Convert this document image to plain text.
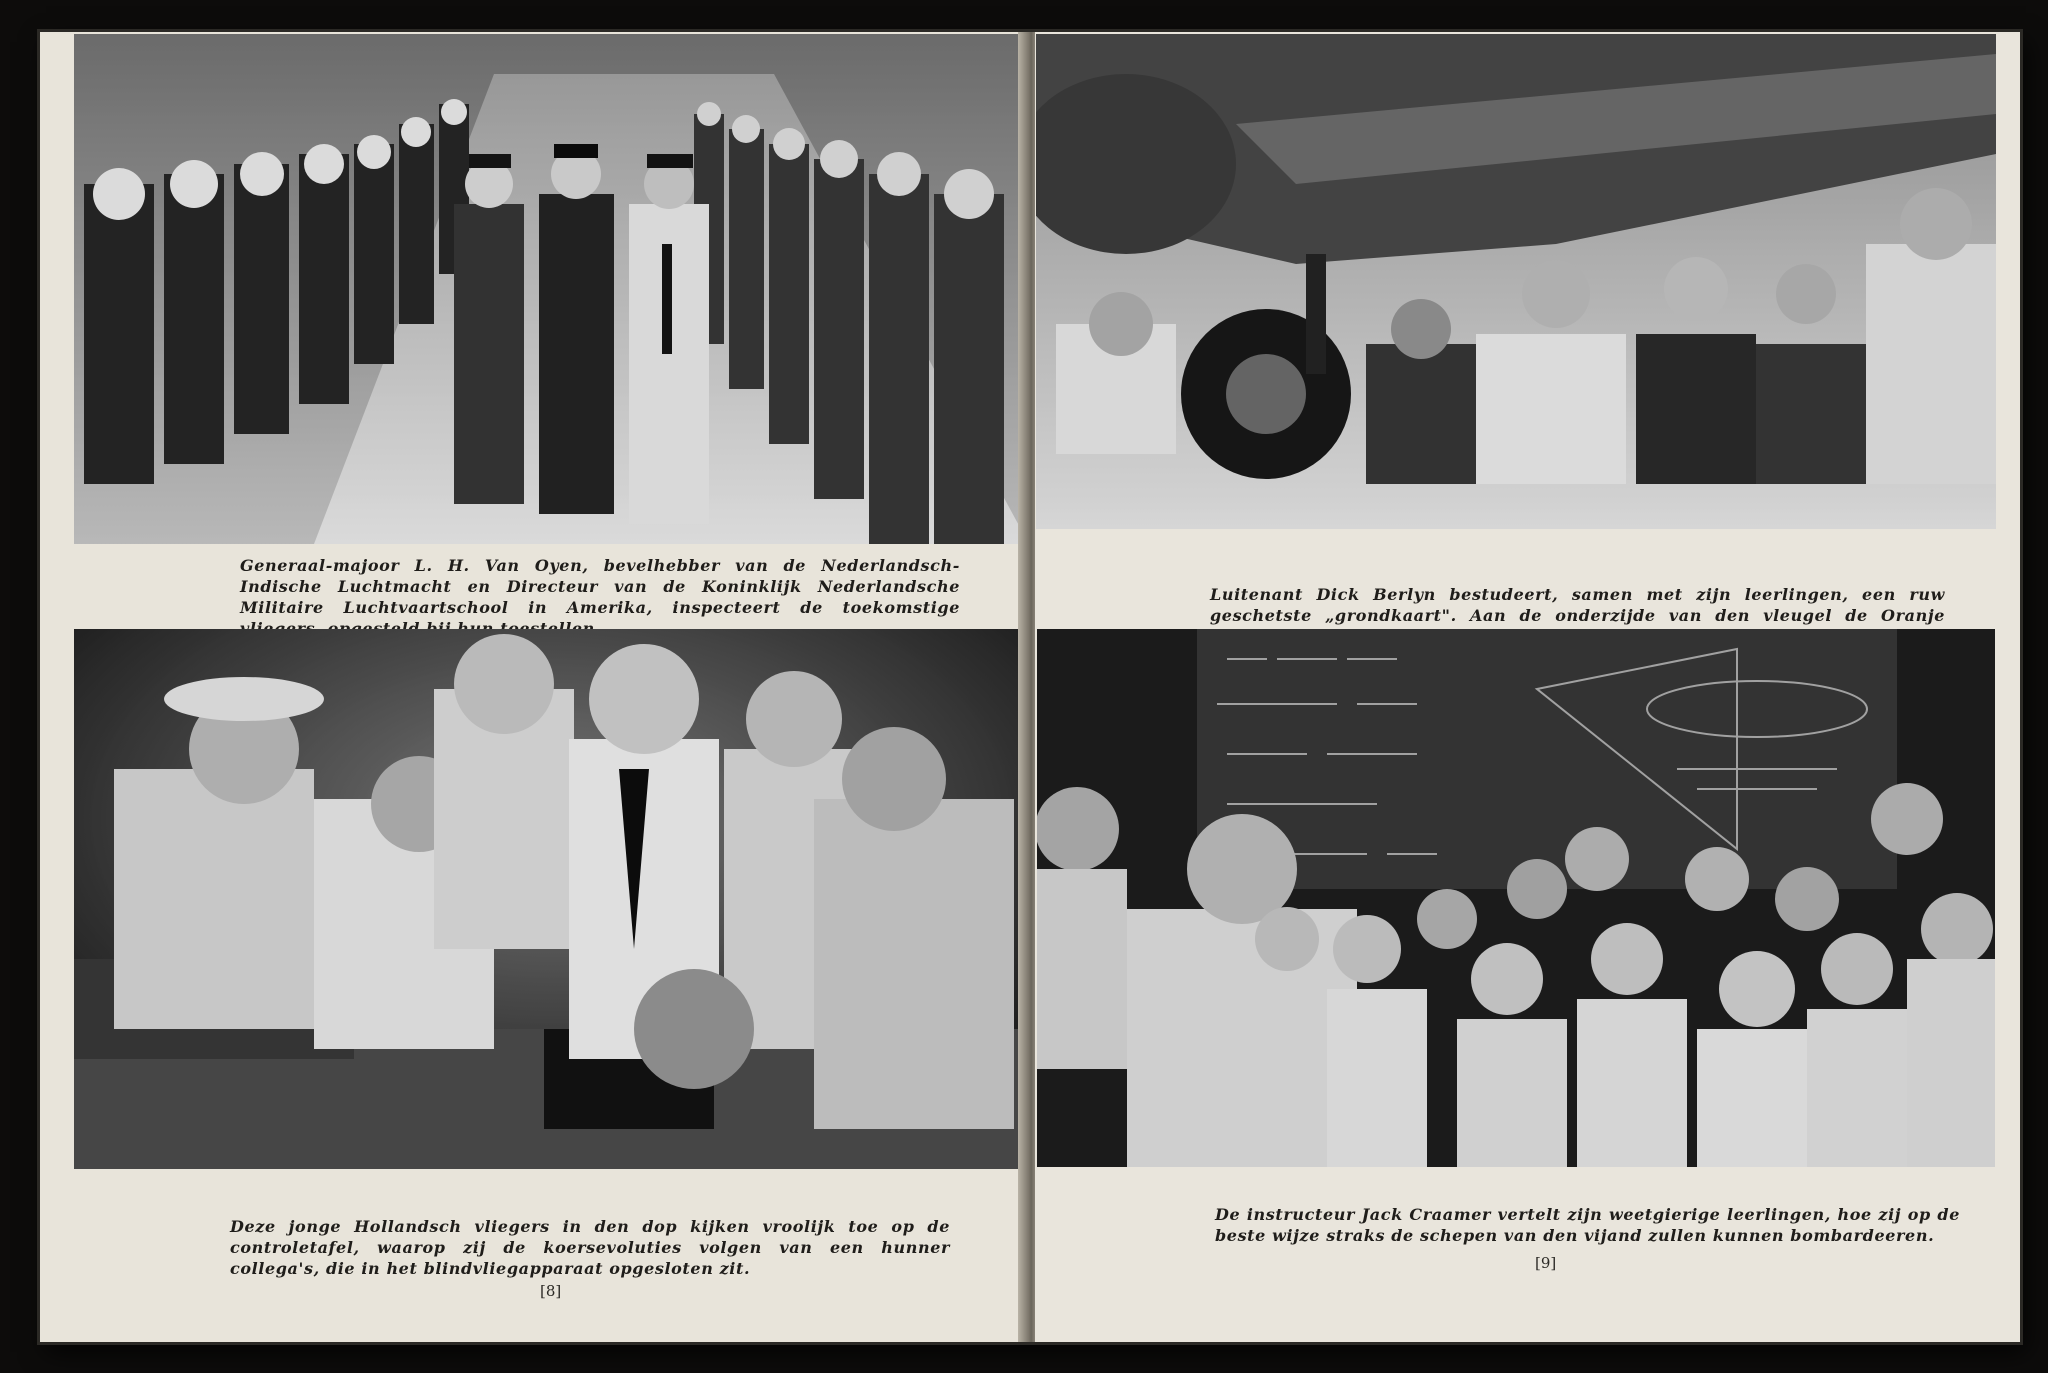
Generaal-majoor L. H. Van Oyen, bevelhebber van de Nederlandsch-Indische Luchtmacht en Directeur van de Koninklijk Nederlandsche Militaire Luchtvaartschool in Amerika, inspecteert de toekomstige
Deze jonge Hollandsch vliegers in den dop kijken vroolijk toe op de controletafel, waarop zij de koersevoluties volgen van een hunner collega's, die in het blindvliegapparaat opgesloten zit.
[8]
Luitenant Dick Berlyn bestudeert, samen met zijn leerlingen, een ruw geschetste „grondkaart". Aan de onderzijde van den vleugel de Oranje
De instructeur Jack Craamer vertelt zijn weetgierige leerlingen, hoe zij op de beste wijze straks de schepen van den vijand zullen kunnen bombardeeren.
[9]
